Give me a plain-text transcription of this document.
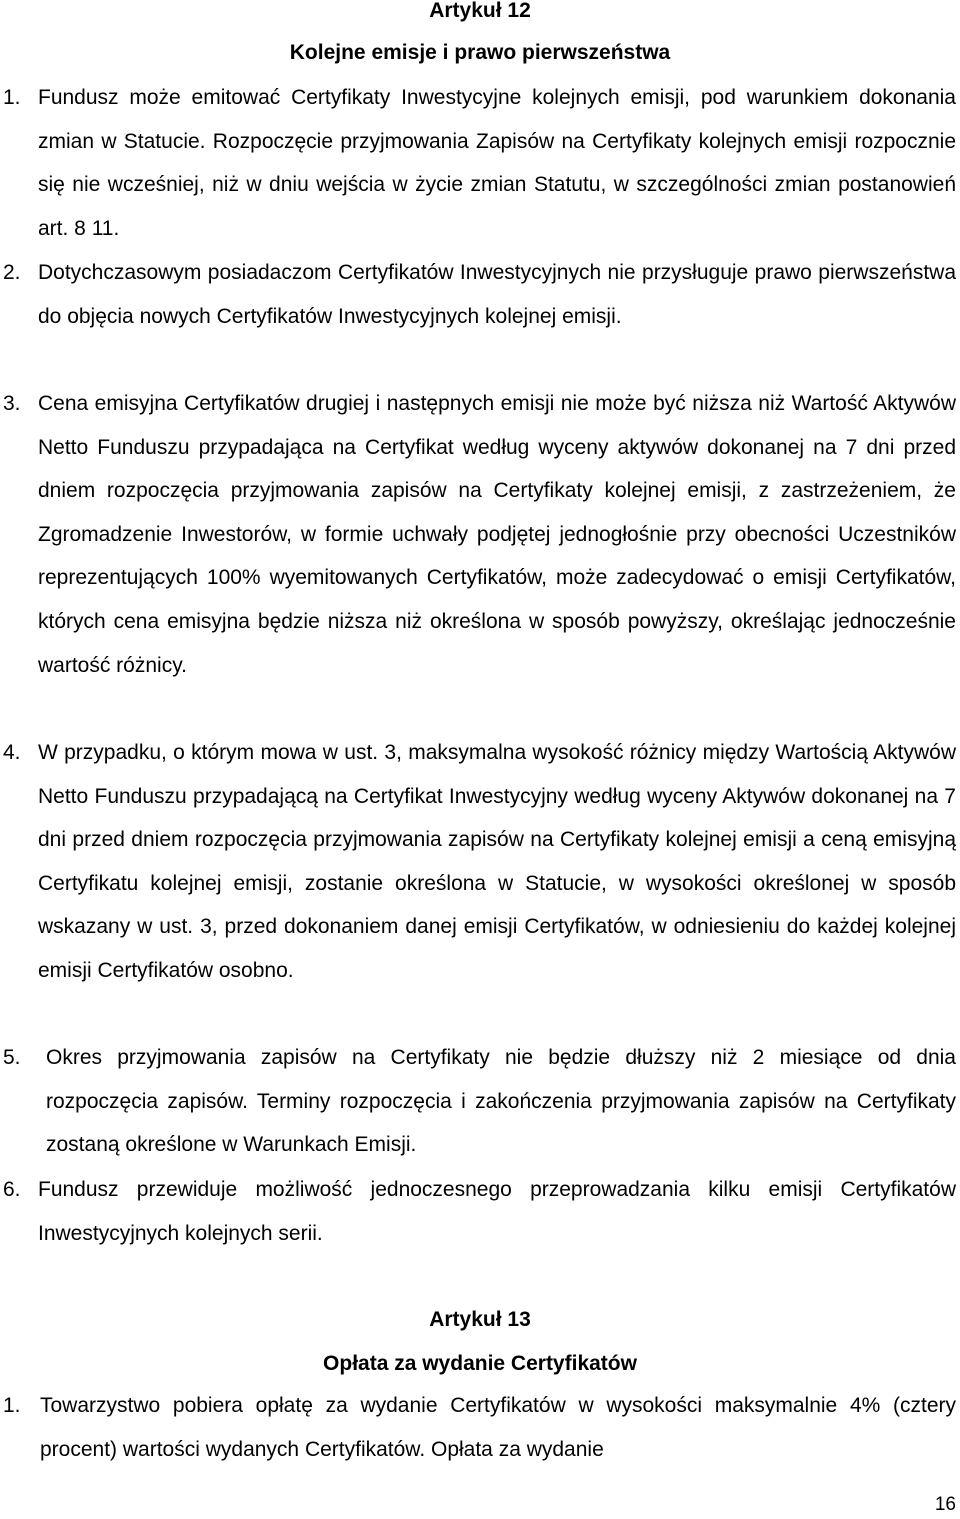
Artykuł 12
Kolejne emisje i prawo pierwszeństwa
1. Fundusz może emitować Certyfikaty Inwestycyjne kolejnych emisji, pod warunkiem dokonania zmian w Statucie. Rozpoczęcie przyjmowania Zapisów na Certyfikaty kolejnych emisji rozpocznie się nie wcześniej, niż w dniu wejścia w życie zmian Statutu, w szczególności zmian postanowień art. 8 11.
2. Dotychczasowym posiadaczom Certyfikatów Inwestycyjnych nie przysługuje prawo pierwszeństwa do objęcia nowych Certyfikatów Inwestycyjnych kolejnej emisji.
3. Cena emisyjna Certyfikatów drugiej i następnych emisji nie może być niższa niż Wartość Aktywów Netto Funduszu przypadająca na Certyfikat według wyceny aktywów dokonanej na 7 dni przed dniem rozpoczęcia przyjmowania zapisów na Certyfikaty kolejnej emisji, z zastrzeżeniem, że Zgromadzenie Inwestorów, w formie uchwały podjętej jednogłośnie przy obecności Uczestników reprezentujących 100% wyemitowanych Certyfikatów, może zadecydować o emisji Certyfikatów, których cena emisyjna będzie niższa niż określona w sposób powyższy, określając jednocześnie wartość różnicy.
4. W przypadku, o którym mowa w ust. 3, maksymalna wysokość różnicy między Wartością Aktywów Netto Funduszu przypadającą na Certyfikat Inwestycyjny według wyceny Aktywów dokonanej na 7 dni przed dniem rozpoczęcia przyjmowania zapisów na Certyfikaty kolejnej emisji a ceną emisyjną Certyfikatu kolejnej emisji, zostanie określona w Statucie, w wysokości określonej w sposób wskazany w ust. 3, przed dokonaniem danej emisji Certyfikatów, w odniesieniu do każdej kolejnej emisji Certyfikatów osobno.
5. Okres przyjmowania zapisów na Certyfikaty nie będzie dłuższy niż 2 miesiące od dnia rozpoczęcia zapisów. Terminy rozpoczęcia i zakończenia przyjmowania zapisów na Certyfikaty zostaną określone w Warunkach Emisji.
6. Fundusz przewiduje możliwość jednoczesnego przeprowadzania kilku emisji Certyfikatów Inwestycyjnych kolejnych serii.
Artykuł 13
Opłata za wydanie Certyfikatów
1. Towarzystwo pobiera opłatę za wydanie Certyfikatów w wysokości maksymalnie 4% (cztery procent) wartości wydanych Certyfikatów. Opłata za wydanie
16
